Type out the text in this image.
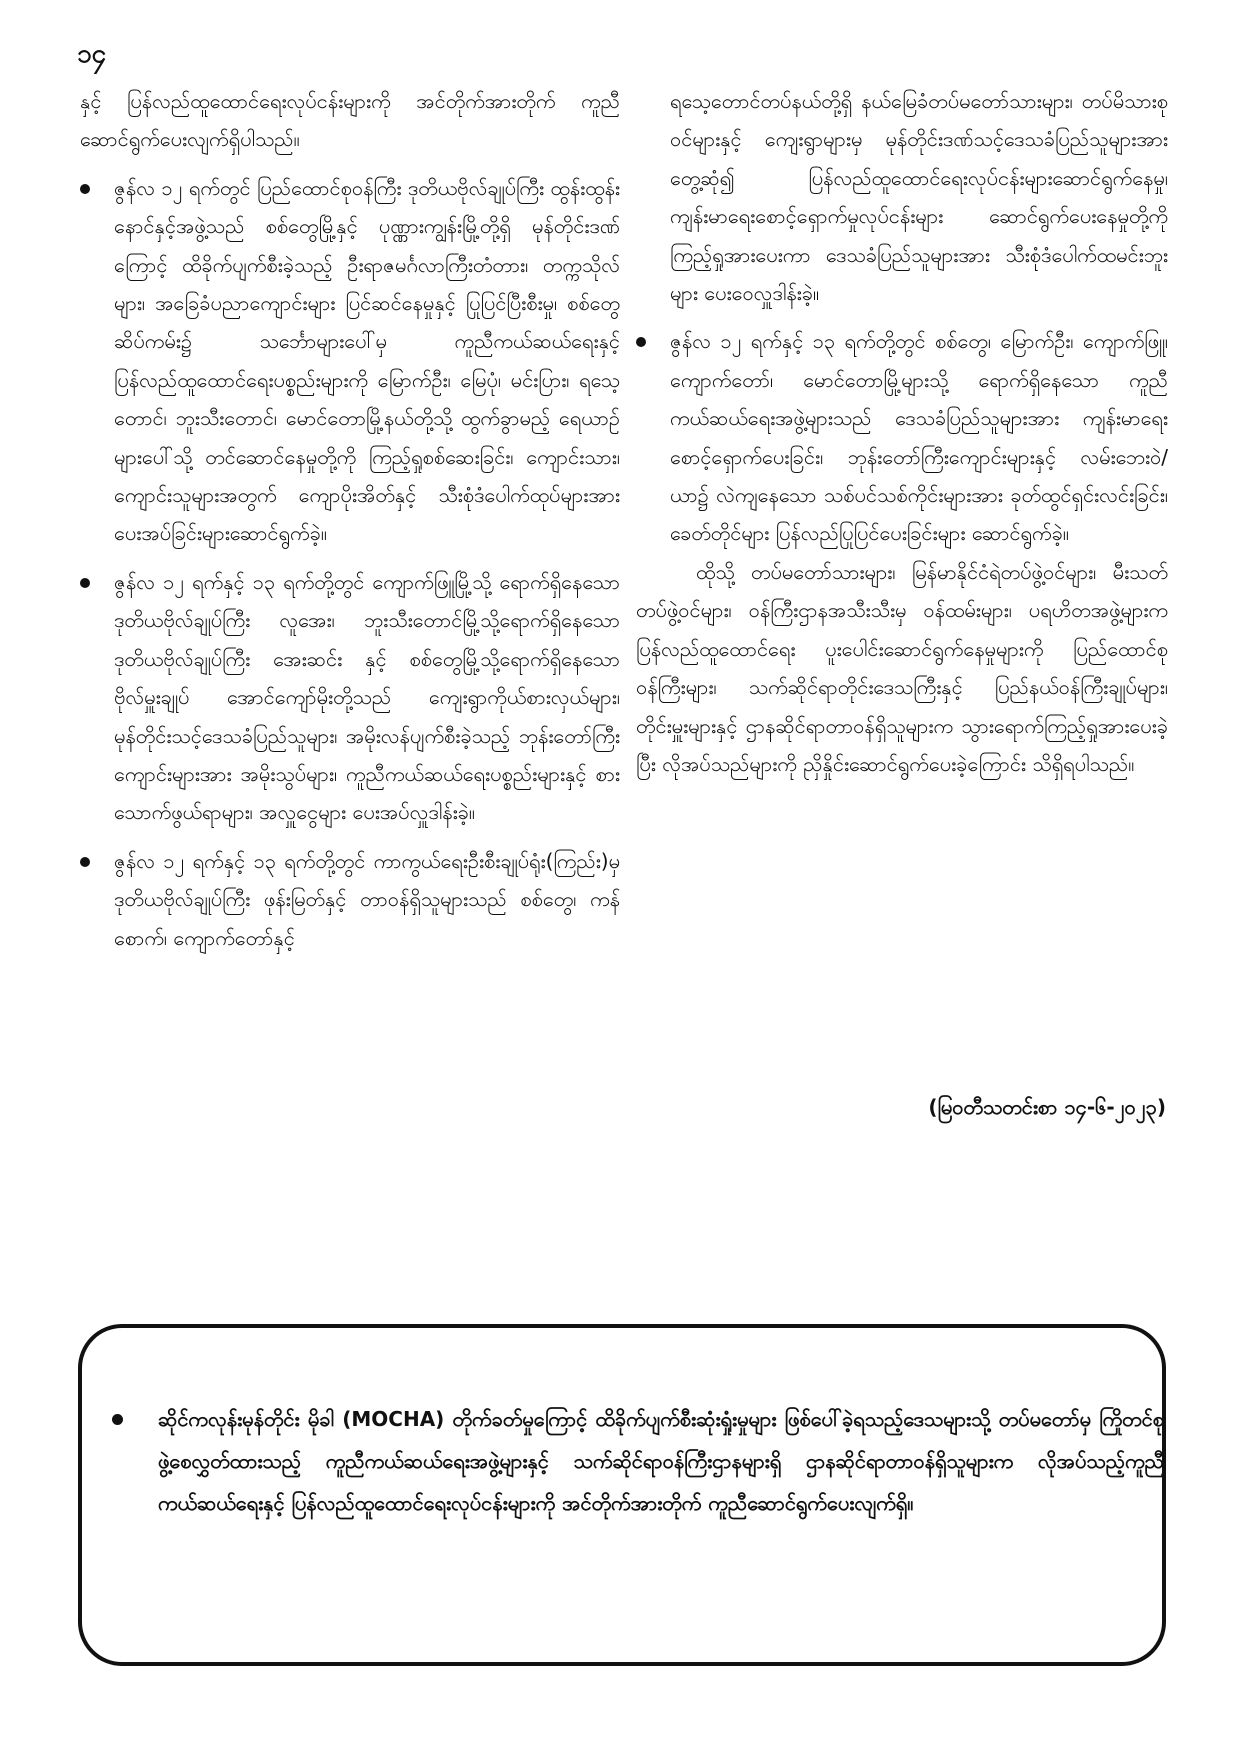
၁၄

နှင့် ပြန်လည်ထူထောင်ရေးလုပ်ငန်းများကို အင်တိုက်အားတိုက် ကူညီဆောင်ရွက်ပေးလျက်ရှိပါသည်။

ဇွန်လ ၁၂ ရက်တွင် ပြည်ထောင်စုဝန်ကြီး ဒုတိယဗိုလ်ချုပ်ကြီး ထွန်းထွန်းနောင်နှင့်အဖွဲ့သည် စစ်တွေမြို့နှင့် ပုဏ္ဏားကျွန်းမြို့တို့ရှိ မုန်တိုင်းဒဏ်ကြောင့် ထိခိုက်ပျက်စီးခဲ့သည့် ဦးရာဇမင်္ဂလာကြီးတံတား၊ တက္ကသိုလ်များ၊ အခြေခံပညာကျောင်းများ ပြင်ဆင်နေမှုနှင့် ပြုပြင်ပြီးစီးမှု၊ စစ်တွေဆိပ်ကမ်း၌ သင်္ဘောများပေါ်မှ ကူညီကယ်ဆယ်ရေးနှင့် ပြန်လည်ထူထောင်ရေးပစ္စည်းများကို မြောက်ဦး၊ မြေပုံ၊ မင်းပြား၊ ရသေ့တောင်၊ ဘူးသီးတောင်၊ မောင်တောမြို့နယ်တို့သို့ ထွက်ခွာမည့် ရေယာဉ်များပေါ်သို့ တင်ဆောင်နေမှုတို့ကို ကြည့်ရှုစစ်ဆေးခြင်း၊ ကျောင်းသား၊ ကျောင်းသူများအတွက် ကျောပိုးအိတ်နှင့် သီးစုံဒံပေါက်ထုပ်များအား ပေးအပ်ခြင်းများဆောင်ရွက်ခဲ့။
ဇွန်လ ၁၂ ရက်နှင့် ၁၃ ရက်တို့တွင် ကျောက်ဖြူမြို့သို့ ရောက်ရှိနေသော ဒုတိယဗိုလ်ချုပ်ကြီး လူအေး၊ ဘူးသီးတောင်မြို့သို့ရောက်ရှိနေသော ဒုတိယဗိုလ်ချုပ်ကြီး အေးဆင်း နှင့် စစ်တွေမြို့သို့ရောက်ရှိနေသော ဗိုလ်မှူးချုပ် အောင်ကျော်မိုးတို့သည် ကျေးရွာကိုယ်စားလှယ်များ၊ မုန်တိုင်းသင့်ဒေသခံပြည်သူများ၊ အမိုးလန်ပျက်စီးခဲ့သည့် ဘုန်းတော်ကြီးကျောင်းများအား အမိုးသွပ်များ၊ ကူညီကယ်ဆယ်ရေးပစ္စည်းများနှင့် စားသောက်ဖွယ်ရာများ၊ အလှူငွေများ ပေးအပ်လှူဒါန်းခဲ့။
ဇွန်လ ၁၂ ရက်နှင့် ၁၃ ရက်တို့တွင် ကာကွယ်ရေးဦးစီးချုပ်ရုံး(ကြည်း)မှ ဒုတိယဗိုလ်ချုပ်ကြီး ဖုန်းမြတ်နှင့် တာဝန်ရှိသူများသည် စစ်တွေ၊ ကန်စောက်၊ ကျောက်တော်နှင့်

ရသေ့တောင်တပ်နယ်တို့ရှိ နယ်မြေခံတပ်မတော်သားများ၊ တပ်မိသားစုဝင်များနှင့် ကျေးရွာများမှ မုန်တိုင်းဒဏ်သင့်ဒေသခံပြည်သူများအား တွေ့ဆုံ၍ ပြန်လည်ထူထောင်ရေးလုပ်ငန်းများဆောင်ရွက်နေမှု၊ ကျန်းမာရေးစောင့်ရှောက်မှုလုပ်ငန်းများ ဆောင်ရွက်ပေးနေမှုတို့ကို ကြည့်ရှုအားပေးကာ ဒေသခံပြည်သူများအား သီးစုံဒံပေါက်ထမင်းဘူးများ ပေးဝေလှူဒါန်းခဲ့။

ဇွန်လ ၁၂ ရက်နှင့် ၁၃ ရက်တို့တွင် စစ်တွေ၊ မြောက်ဦး၊ ကျောက်ဖြူ၊ ကျောက်တော်၊ မောင်တောမြို့များသို့ ရောက်ရှိနေသော ကူညီကယ်ဆယ်ရေးအဖွဲ့များသည် ဒေသခံပြည်သူများအား ကျန်းမာရေးစောင့်ရှောက်ပေးခြင်း၊ ဘုန်းတော်ကြီးကျောင်းများနှင့် လမ်းဘေးဝဲ/ယာ၌ လဲကျနေသော သစ်ပင်သစ်ကိုင်းများအား ခုတ်ထွင်ရှင်းလင်းခြင်း၊ ခေတ်တိုင်များ ပြန်လည်ပြုပြင်ပေးခြင်းများ ဆောင်ရွက်ခဲ့။

ထိုသို့ တပ်မတော်သားများ၊ မြန်မာနိုင်ငံရဲတပ်ဖွဲ့ဝင်များ၊ မီးသတ်တပ်ဖွဲ့ဝင်များ၊ ဝန်ကြီးဌာနအသီးသီးမှ ဝန်ထမ်းများ၊ ပရဟိတအဖွဲ့များက ပြန်လည်ထူထောင်ရေး ပူးပေါင်းဆောင်ရွက်နေမှုများကို ပြည်ထောင်စုဝန်ကြီးများ၊ သက်ဆိုင်ရာတိုင်းဒေသကြီးနှင့် ပြည်နယ်ဝန်ကြီးချုပ်များ၊ တိုင်းမှူးများနှင့် ဌာနဆိုင်ရာတာဝန်ရှိသူများက သွားရောက်ကြည့်ရှုအားပေးခဲ့ပြီး လိုအပ်သည်များကို ညှိနှိုင်းဆောင်ရွက်ပေးခဲ့ကြောင်း သိရှိရပါသည်။

(မြဝတီသတင်းစာ ၁၄-၆-၂၀၂၃)
ဆိုင်ကလုန်းမုန်တိုင်း မိုခါ (MOCHA) တိုက်ခတ်မှုကြောင့် ထိခိုက်ပျက်စီးဆုံးရှုံးမှုများ ဖြစ်ပေါ်ခဲ့ရသည့်ဒေသများသို့ တပ်မတော်မှ ကြိုတင်စုဖွဲ့စေလွှတ်ထားသည့် ကူညီကယ်ဆယ်ရေးအဖွဲ့များနှင့် သက်ဆိုင်ရာဝန်ကြီးဌာနများရှိ ဌာနဆိုင်ရာတာဝန်ရှိသူများက လိုအပ်သည့်ကူညီကယ်ဆယ်ရေးနှင့် ပြန်လည်ထူထောင်ရေးလုပ်ငန်းများကို အင်တိုက်အားတိုက် ကူညီဆောင်ရွက်ပေးလျက်ရှိ။
